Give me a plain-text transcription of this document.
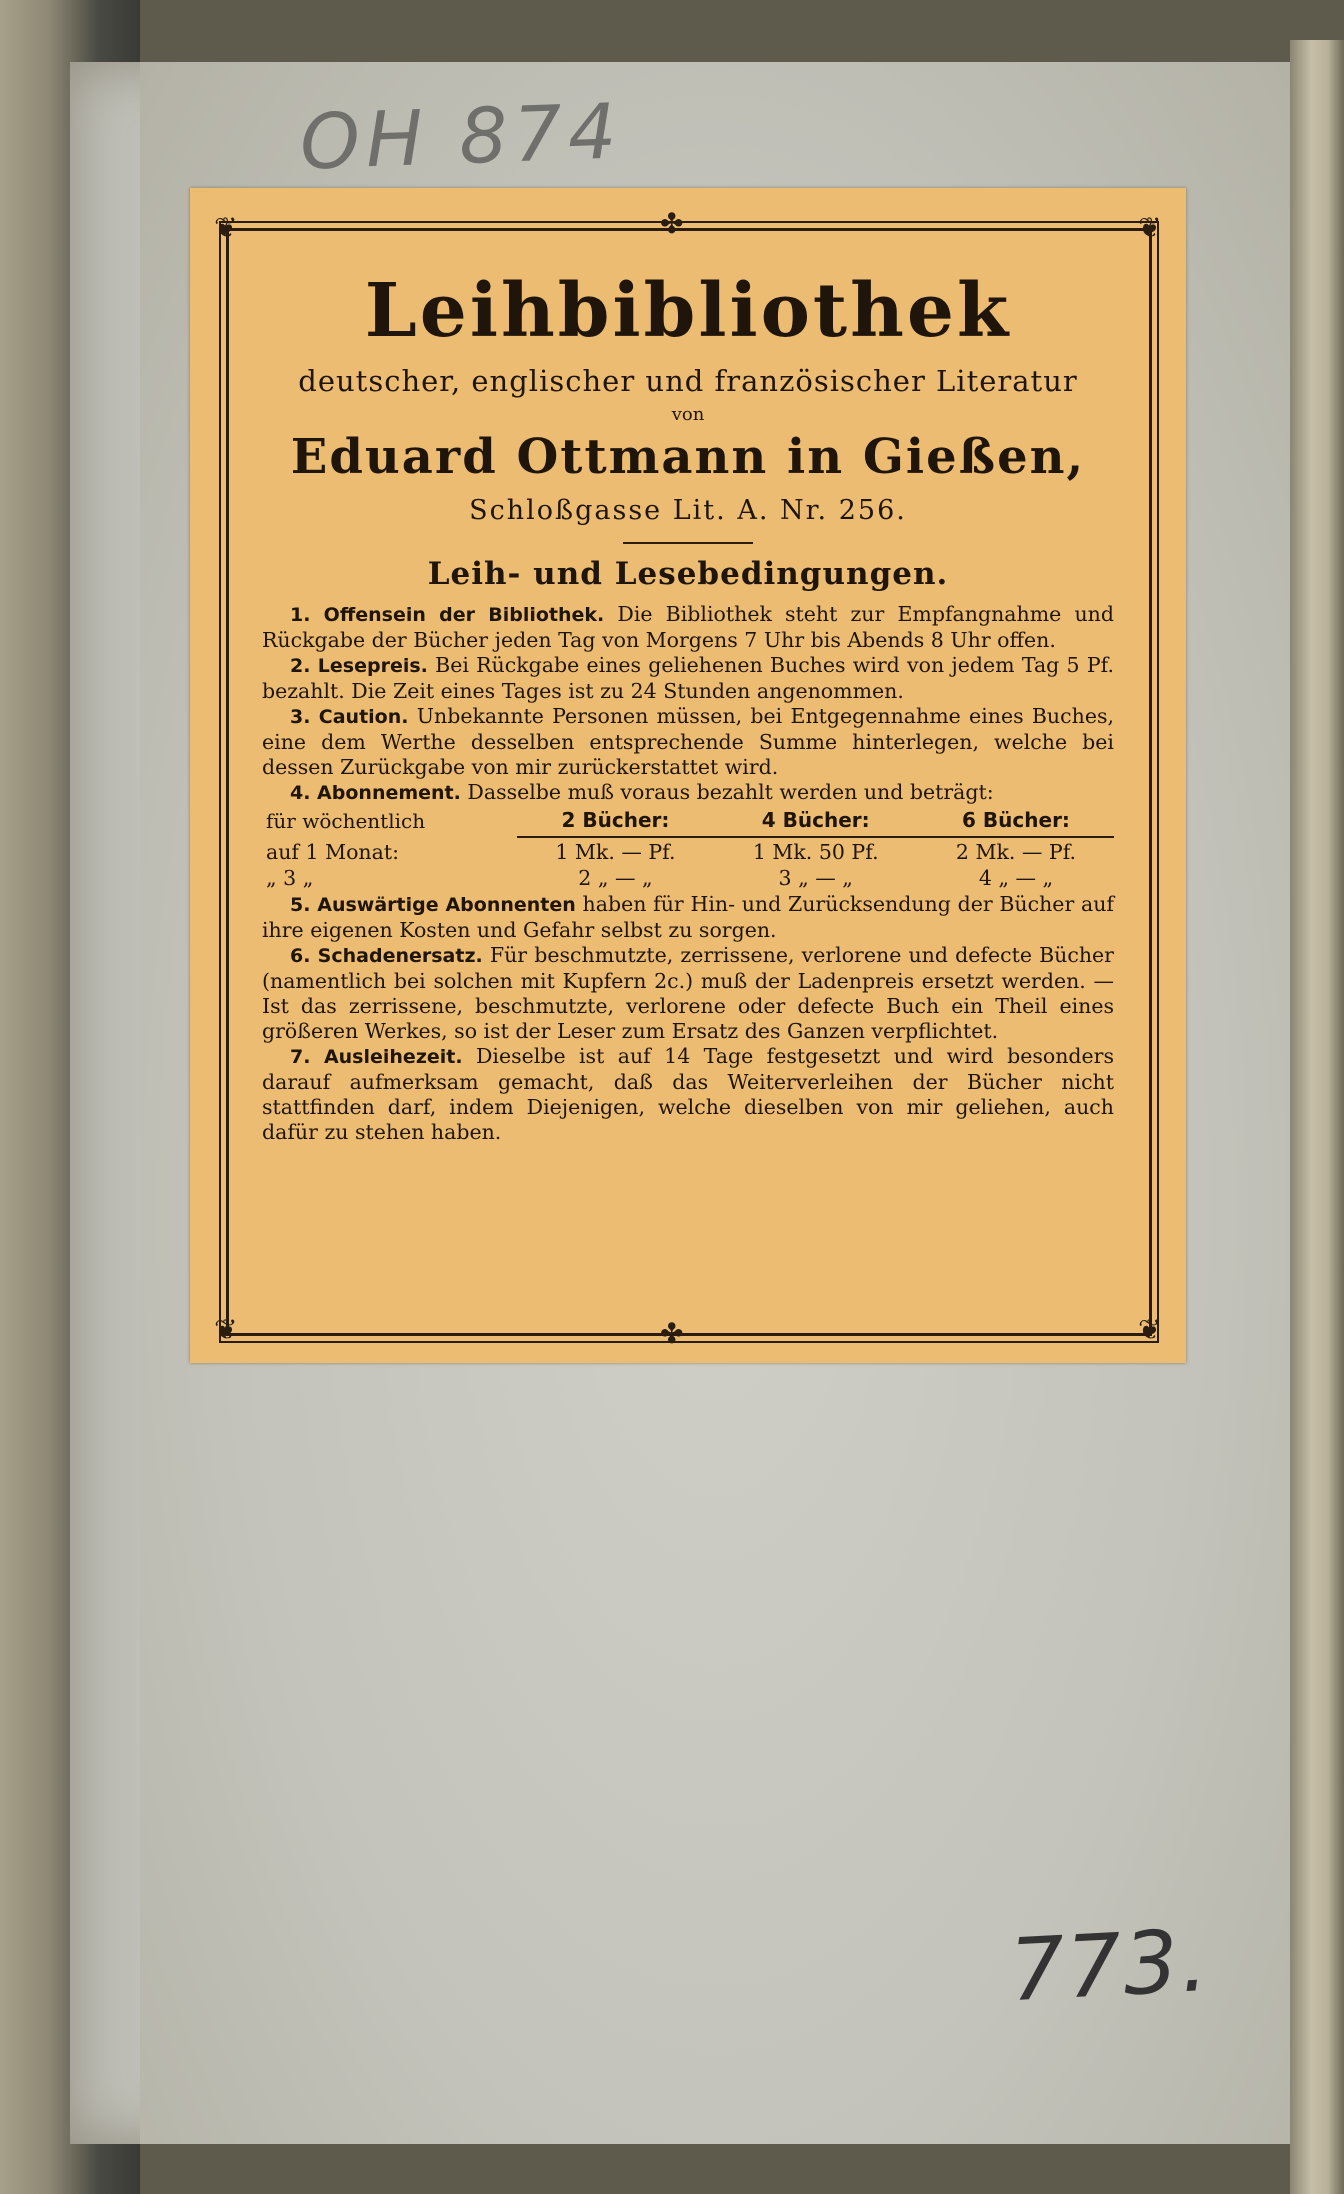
OH 874
❦	❦
❦	❦
✤
✤
Leihbibliothek

deutscher, englischer und französischer Literatur

von

Eduard Ottmann in Gießen,

Schloßgasse Lit. A. Nr. 256.

Leih- und Lesebedingungen.

1. Offensein der Bibliothek. Die Bibliothek steht zur Empfangnahme und Rückgabe der Bücher jeden Tag von Morgens 7 Uhr bis Abends 8 Uhr offen.

2. Lesepreis. Bei Rückgabe eines geliehenen Buches wird von jedem Tag 5 Pf. bezahlt. Die Zeit eines Tages ist zu 24 Stunden angenommen.

3. Caution. Unbekannte Personen müssen, bei Entgegennahme eines Buches, eine dem Werthe desselben entsprechende Summe hinterlegen, welche bei dessen Zurückgabe von mir zurückerstattet wird.

4. Abonnement. Dasselbe muß voraus bezahlt werden und beträgt:

für wöchentlich	2 Bücher:	4 Bücher:	6 Bücher:
auf 1 Monat:	1 Mk. — Pf.	1 Mk. 50 Pf.	2 Mk. — Pf.
„ 3 „	2 „ — „	3 „ — „	4 „ — „

5. Auswärtige Abonnenten haben für Hin- und Zurücksendung der Bücher auf ihre eigenen Kosten und Gefahr selbst zu sorgen.

6. Schadenersatz. Für beschmutzte, zerrissene, verlorene und defecte Bücher (namentlich bei solchen mit Kupfern 2c.) muß der Ladenpreis ersetzt werden. — Ist das zerrissene, beschmutzte, verlorene oder defecte Buch ein Theil eines größeren Werkes, so ist der Leser zum Ersatz des Ganzen verpflichtet.

7. Ausleihezeit. Dieselbe ist auf 14 Tage festgesetzt und wird besonders darauf aufmerksam gemacht, daß das Weiterverleihen der Bücher nicht stattfinden darf, indem Diejenigen, welche dieselben von mir geliehen, auch dafür zu stehen haben.

773.
